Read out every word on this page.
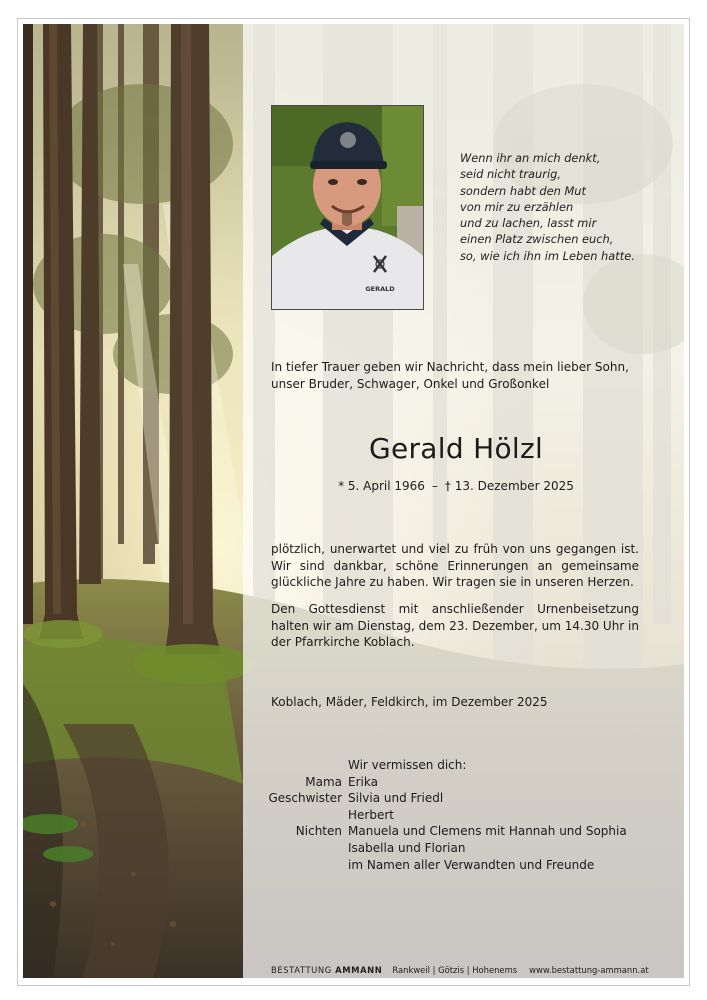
GERALD
Wenn ihr an mich denkt,
seid nicht traurig,
sondern habt den Mut
von mir zu erzählen
und zu lachen, lasst mir
einen Platz zwischen euch,
so, wie ich ihn im Leben hatte.
In tiefer Trauer geben wir Nachricht, dass mein lieber Sohn, unser Bruder, Schwager, Onkel und Großonkel
Gerald Hölzl
* 5. April 1966 – † 13. Dezember 2025
plötzlich, unerwartet und viel zu früh von uns gegangen ist. Wir sind dankbar, schöne Erinnerungen an gemeinsame glückliche Jahre zu haben. Wir tragen sie in unseren Herzen.
Den Gottesdienst mit anschließender Urnenbeisetzung halten wir am Dienstag, dem 23. Dezember, um 14.30 Uhr in der Pfarrkirche Koblach.
Koblach, Mäder, Feldkirch, im Dezember 2025
Wir vermissen dich:
Mama Erika
Geschwister Silvia und Friedl
Herbert
Nichten Manuela und Clemens mit Hannah und Sophia
Isabella und Florian
im Namen aller Verwandten und Freunde
BESTATTUNG AMMANN Rankweil | Götzis | Hohenems www.bestattung-ammann.at
